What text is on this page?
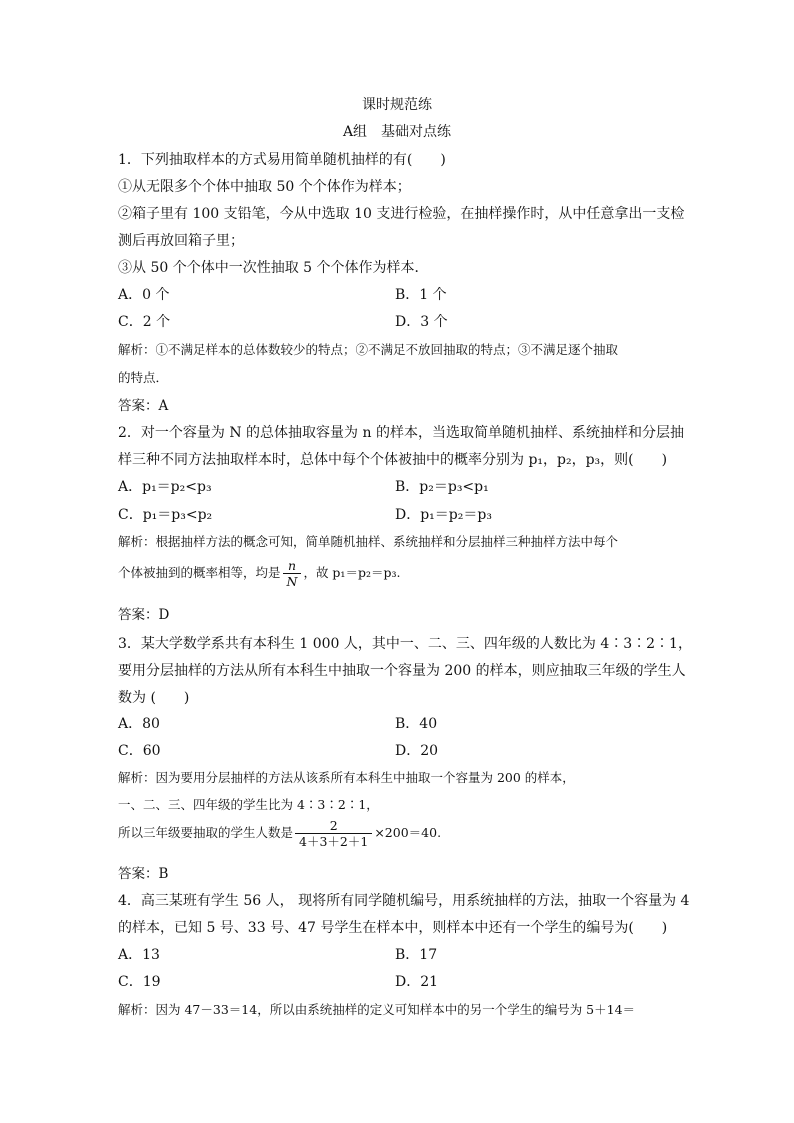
课时规范练
A组　基础对点练
1．下列抽取样本的方式易用简单随机抽样的有(　　)
①从无限多个个体中抽取 50 个个体作为样本；
②箱子里有 100 支铅笔，今从中选取 10 支进行检验，在抽样操作时，从中任意拿出一支检
测后再放回箱子里；
③从 50 个个体中一次性抽取 5 个个体作为样本．
A．0 个	B．1 个
C．2 个	D．3 个
解析：①不满足样本的总体数较少的特点；②不满足不放回抽取的特点；③不满足逐个抽取
的特点．
答案：A
2．对一个容量为 N 的总体抽取容量为 n 的样本，当选取简单随机抽样、系统抽样和分层抽
样三种不同方法抽取样本时，总体中每个个体被抽中的概率分别为 p₁，p₂，p₃，则(　　)
A．p₁＝p₂<p₃	B．p₂＝p₃<p₁
C．p₁＝p₃<p₂	D．p₁＝p₂＝p₃
解析：根据抽样方法的概念可知，简单随机抽样、系统抽样和分层抽样三种抽样方法中每个
个体被抽到的概率相等，均是 $\frac{n}{N}$ ，故 p₁＝p₂＝p₃.
答案：D
3．某大学数学系共有本科生 1 000 人，其中一、二、三、四年级的人数比为 4∶3∶2∶1，
要用分层抽样的方法从所有本科生中抽取一个容量为 200 的样本，则应抽取三年级的学生人
数为 (　　)
A．80	B．40
C．60	D．20
解析：因为要用分层抽样的方法从该系所有本科生中抽取一个容量为 200 的样本，
一、二、三、四年级的学生比为 4∶3∶2∶1，
所以三年级要抽取的学生人数是 $\frac{2}{4+3+2+1} \times 200=40$.
答案：B
4．高三某班有学生 56 人， 现将所有同学随机编号，用系统抽样的方法，抽取一个容量为 4
的样本，已知 5 号、33 号、47 号学生在样本中，则样本中还有一个学生的编号为(　　)
A．13	B．17
C．19	D．21
解析：因为 47－33＝14，所以由系统抽样的定义可知样本中的另一个学生的编号为 5＋14＝
